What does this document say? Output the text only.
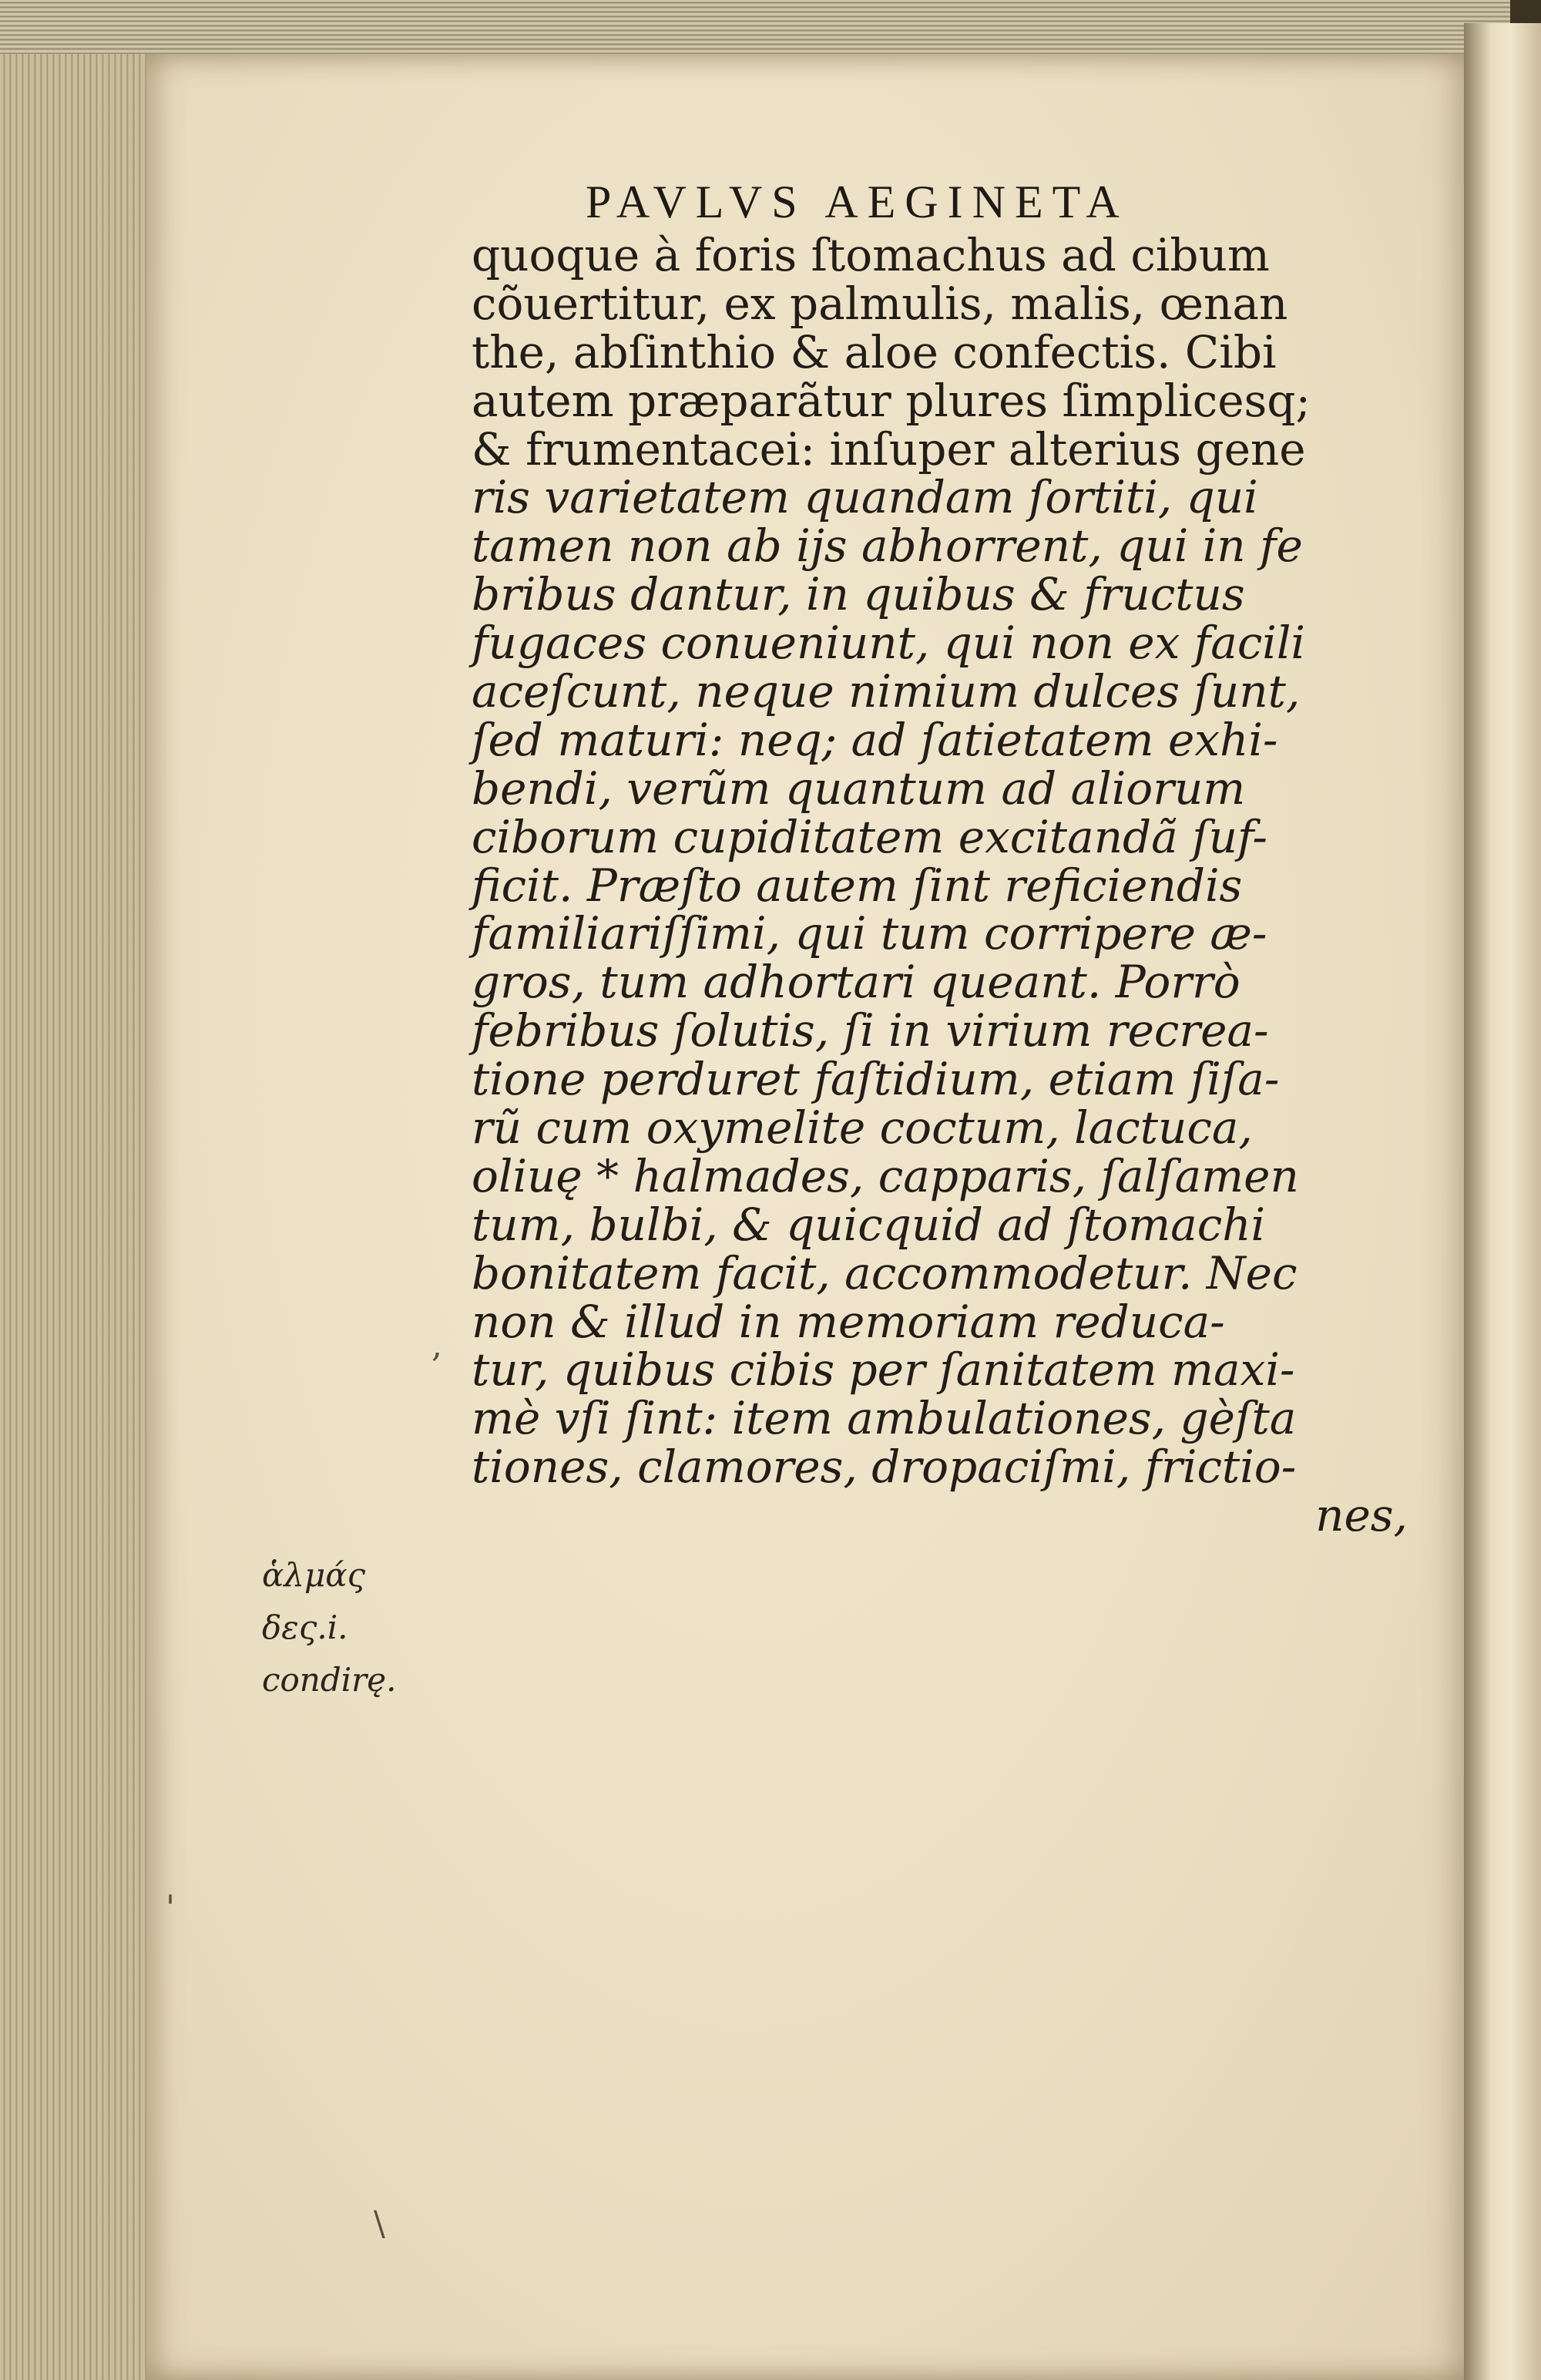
PAVLVS AEGINETA
quoque à foris ſtomachus ad cibum
cõuertitur, ex palmulis, malis, œnan
the, abſinthio & aloe confectis. Cibi
autem præparãtur plures ſimplicesq;
& frumentacei: inſuper alterius gene
ris varietatem quandam ſortiti, qui
tamen non ab ijs abhorrent, qui in fe
bribus dantur, in quibus & fructus
fugaces conueniunt, qui non ex facili
aceſcunt, neque nimium dulces ſunt,
ſed maturi: neq; ad ſatietatem exhi-
bendi, verũm quantum ad aliorum
ciborum cupiditatem excitandã ſuf-
ficit. Præſto autem ſint reficiendis
familiariſſimi, qui tum corripere æ-
gros, tum adhortari queant. Porrò
febribus ſolutis, ſi in virium recrea-
tione perduret faſtidium, etiam ſiſa-
rũ cum oxymelite coctum, lactuca,
oliuę * halmades, capparis, ſalſamen
tum, bulbi, & quicquid ad ſtomachi
bonitatem facit, accommodetur. Nec
non & illud in memoriam reduca-
tur, quibus cibis per ſanitatem maxi-
mè vſi ſint: item ambulationes, gèſta
tiones, clamores, dropaciſmi, frictio-
nes,
ἁλμάς
δες.i.
condirę.
\
,
'
